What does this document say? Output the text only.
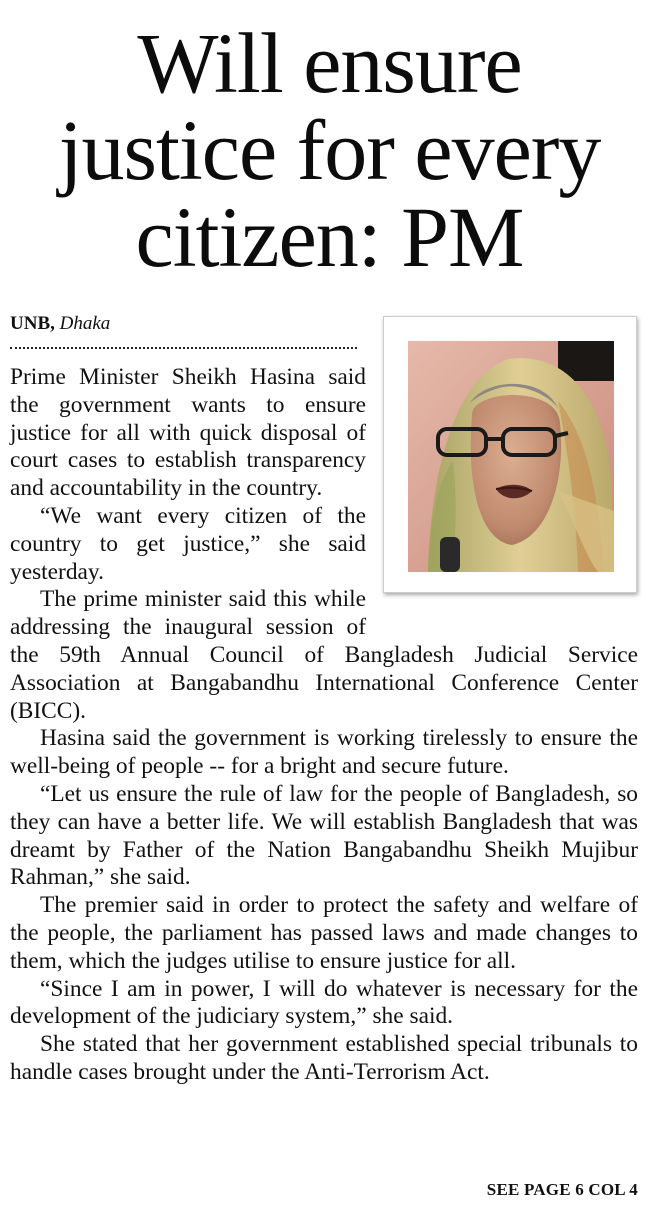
Will ensure
justice for every
citizen: PM
UNB, Dhaka

Prime Minister Sheikh Hasina said the government wants to ensure justice for all with quick disposal of court cases to establish transparency and accountability in the country.

“We want every citizen of the country to get justice,” she said yesterday.

The prime minister said this while addressing the inaugural session of the 59th Annual Council of Bangladesh Judicial Service Association at Bangabandhu International Conference Center (BICC).

Hasina said the government is working tirelessly to ensure the well-being of people -- for a bright and secure future.

“Let us ensure the rule of law for the people of Bangladesh, so they can have a better life. We will establish Bangladesh that was dreamt by Father of the Nation Bangabandhu Sheikh Mujibur Rahman,” she said.

The premier said in order to protect the safety and welfare of the people, the parliament has passed laws and made changes to them, which the judges utilise to ensure justice for all.

“Since I am in power, I will do whatever is necessary for the development of the judiciary system,” she said.

She stated that her government established special tribunals to handle cases brought under the Anti-Terrorism Act.

SEE PAGE 6 COL 4
